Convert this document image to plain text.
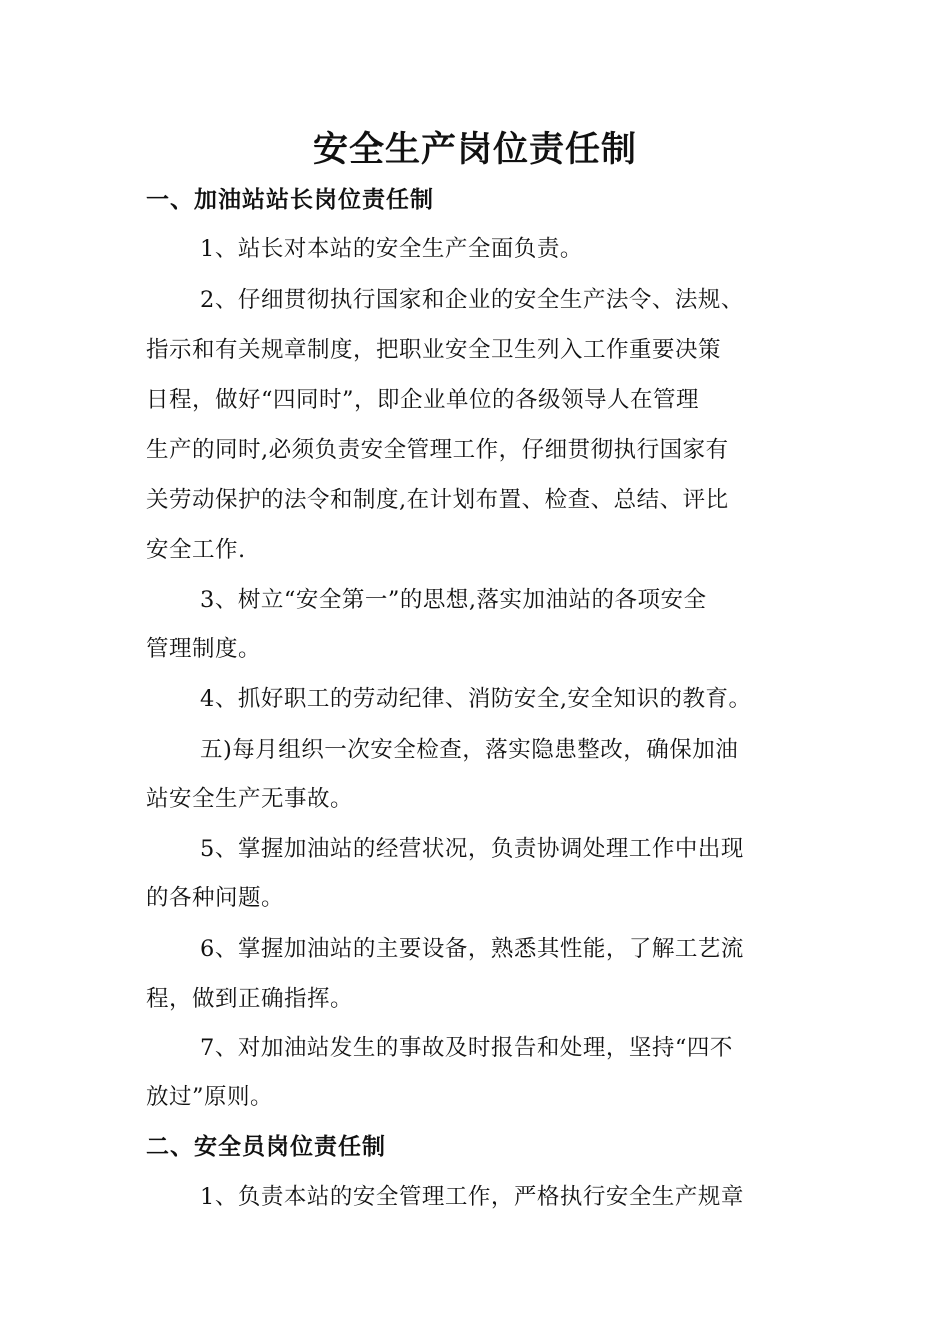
安全生产岗位责任制
一、加油站站长岗位责任制
1、站长对本站的安全生产全面负责。
2、仔细贯彻执行国家和企业的安全生产法令、法规、
指示和有关规章制度，把职业安全卫生列入工作重要决策
日程，做好“四同时”，即企业单位的各级领导人在管理
生产的同时,必须负责安全管理工作，仔细贯彻执行国家有
关劳动保护的法令和制度,在计划布置、检查、总结、评比
安全工作.
3、树立“安全第一”的思想,落实加油站的各项安全
管理制度。
4、抓好职工的劳动纪律、消防安全,安全知识的教育。
五)每月组织一次安全检查，落实隐患整改，确保加油
站安全生产无事故。
5、掌握加油站的经营状况，负责协调处理工作中出现
的各种问题。
6、掌握加油站的主要设备，熟悉其性能，了解工艺流
程，做到正确指挥。
7、对加油站发生的事故及时报告和处理，坚持“四不
放过”原则。
二、安全员岗位责任制
1、负责本站的安全管理工作，严格执行安全生产规章
